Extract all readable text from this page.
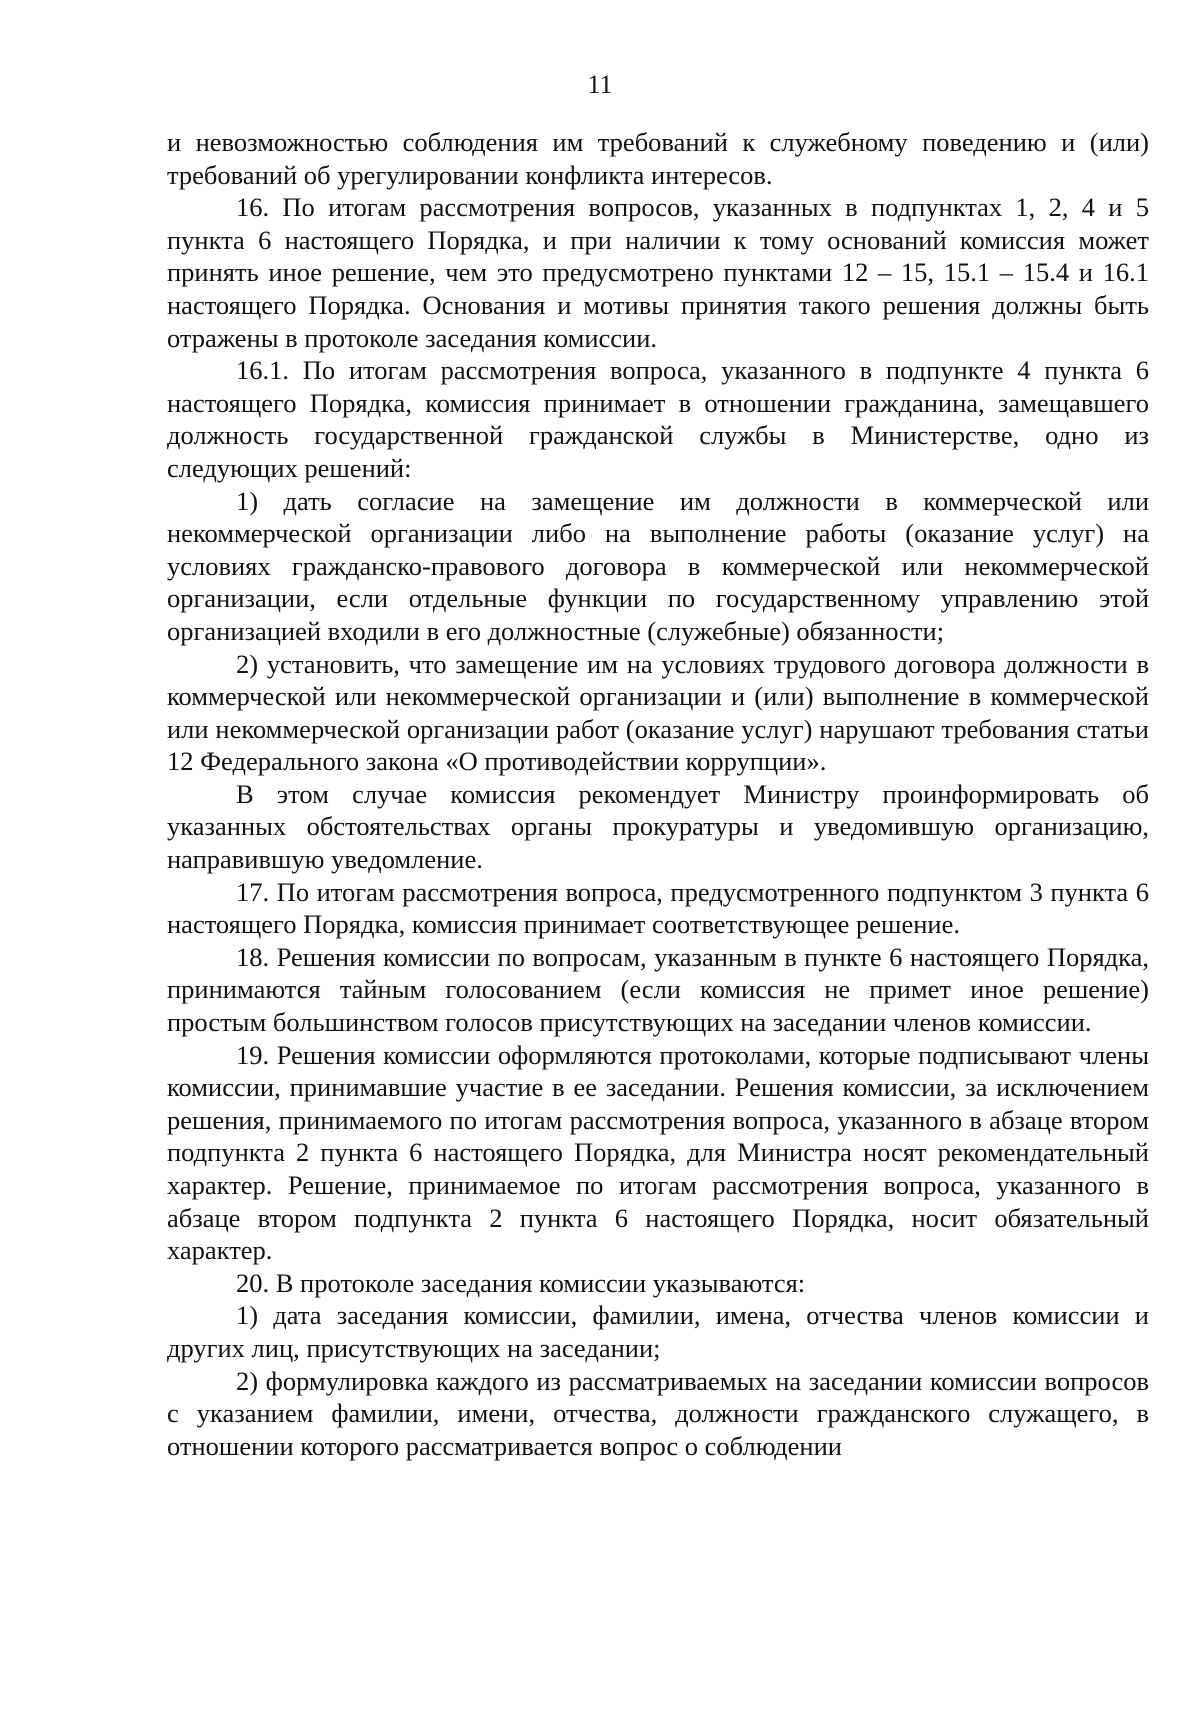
11

и невозможностью соблюдения им требований к служебному поведению и (или) требований об урегулировании конфликта интересов.

16. По итогам рассмотрения вопросов, указанных в подпунктах 1, 2, 4 и 5 пункта 6 настоящего Порядка, и при наличии к тому оснований комиссия может принять иное решение, чем это предусмотрено пунктами 12 – 15, 15.1 – 15.4 и 16.1 настоящего Порядка. Основания и мотивы принятия такого решения должны быть отражены в протоколе заседания комиссии.

16.1. По итогам рассмотрения вопроса, указанного в подпункте 4 пункта 6 настоящего Порядка, комиссия принимает в отношении гражданина, замещавшего должность государственной гражданской службы в Министерстве, одно из следующих решений:

1) дать согласие на замещение им должности в коммерческой или некоммерческой организации либо на выполнение работы (оказание услуг) на условиях гражданско-правового договора в коммерческой или некоммерческой организации, если отдельные функции по государственному управлению этой организацией входили в его должностные (служебные) обязанности;

2) установить, что замещение им на условиях трудового договора должности в коммерческой или некоммерческой организации и (или) выполнение в коммерческой или некоммерческой организации работ (оказание услуг) нарушают требования статьи 12 Федерального закона «О противодействии коррупции».

В этом случае комиссия рекомендует Министру проинформировать об указанных обстоятельствах органы прокуратуры и уведомившую организацию, направившую уведомление.

17. По итогам рассмотрения вопроса, предусмотренного подпунктом 3 пункта 6 настоящего Порядка, комиссия принимает соответствующее решение.

18. Решения комиссии по вопросам, указанным в пункте 6 настоящего Порядка, принимаются тайным голосованием (если комиссия не примет иное решение) простым большинством голосов присутствующих на заседании членов комиссии.

19. Решения комиссии оформляются протоколами, которые подписывают члены комиссии, принимавшие участие в ее заседании. Решения комиссии, за исключением решения, принимаемого по итогам рассмотрения вопроса, указанного в абзаце втором подпункта 2 пункта 6 настоящего Порядка, для Министра носят рекомендательный характер. Решение, принимаемое по итогам рассмотрения вопроса, указанного в абзаце втором подпункта 2 пункта 6 настоящего Порядка, носит обязательный характер.

20. В протоколе заседания комиссии указываются:

1) дата заседания комиссии, фамилии, имена, отчества членов комиссии и других лиц, присутствующих на заседании;

2) формулировка каждого из рассматриваемых на заседании комиссии вопросов с указанием фамилии, имени, отчества, должности гражданского служащего, в отношении которого рассматривается вопрос о соблюдении
